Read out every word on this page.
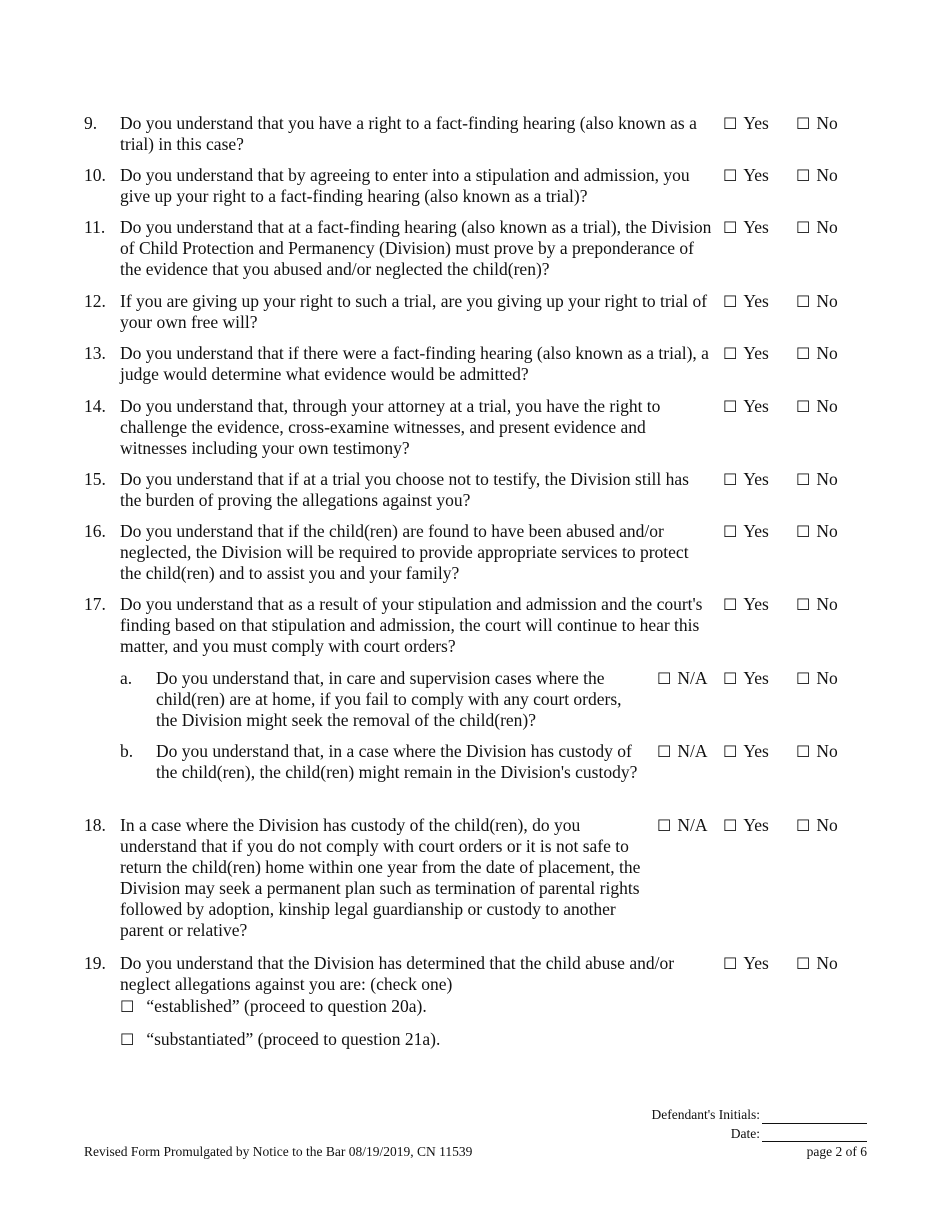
9. Do you understand that you have a right to a fact-finding hearing (also known as a trial) in this case?
☐ Yes ☐ No
10. Do you understand that by agreeing to enter into a stipulation and admission, you give up your right to a fact-finding hearing (also known as a trial)?
☐ Yes ☐ No
11. Do you understand that at a fact-finding hearing (also known as a trial), the Division of Child Protection and Permanency (Division) must prove by a preponderance of the evidence that you abused and/or neglected the child(ren)?
☐ Yes ☐ No
12. If you are giving up your right to such a trial, are you giving up your right to trial of your own free will?
☐ Yes ☐ No
13. Do you understand that if there were a fact-finding hearing (also known as a trial), a judge would determine what evidence would be admitted?
☐ Yes ☐ No
14. Do you understand that, through your attorney at a trial, you have the right to challenge the evidence, cross-examine witnesses, and present evidence and witnesses including your own testimony?
☐ Yes ☐ No
15. Do you understand that if at a trial you choose not to testify, the Division still has the burden of proving the allegations against you?
☐ Yes ☐ No
16. Do you understand that if the child(ren) are found to have been abused and/or neglected, the Division will be required to provide appropriate services to protect the child(ren) and to assist you and your family?
☐ Yes ☐ No
17. Do you understand that as a result of your stipulation and admission and the court's finding based on that stipulation and admission, the court will continue to hear this matter, and you must comply with court orders?
☐ Yes ☐ No
a. Do you understand that, in care and supervision cases where the child(ren) are at home, if you fail to comply with any court orders, the Division might seek the removal of the child(ren)?
☐ N/A ☐ Yes ☐ No
b. Do you understand that, in a case where the Division has custody of the child(ren), the child(ren) might remain in the Division's custody?
☐ N/A ☐ Yes ☐ No
18. In a case where the Division has custody of the child(ren), do you understand that if you do not comply with court orders or it is not safe to return the child(ren) home within one year from the date of placement, the Division may seek a permanent plan such as termination of parental rights followed by adoption, kinship legal guardianship or custody to another parent or relative?
☐ N/A ☐ Yes ☐ No
19. Do you understand that the Division has determined that the child abuse and/or neglect allegations against you are: (check one)
☐ Yes ☐ No
☐ “established” (proceed to question 20a).
☐ “substantiated” (proceed to question 21a).
Defendant's Initials:
Date:
Revised Form Promulgated by Notice to the Bar 08/19/2019, CN 11539	page 2 of 6
